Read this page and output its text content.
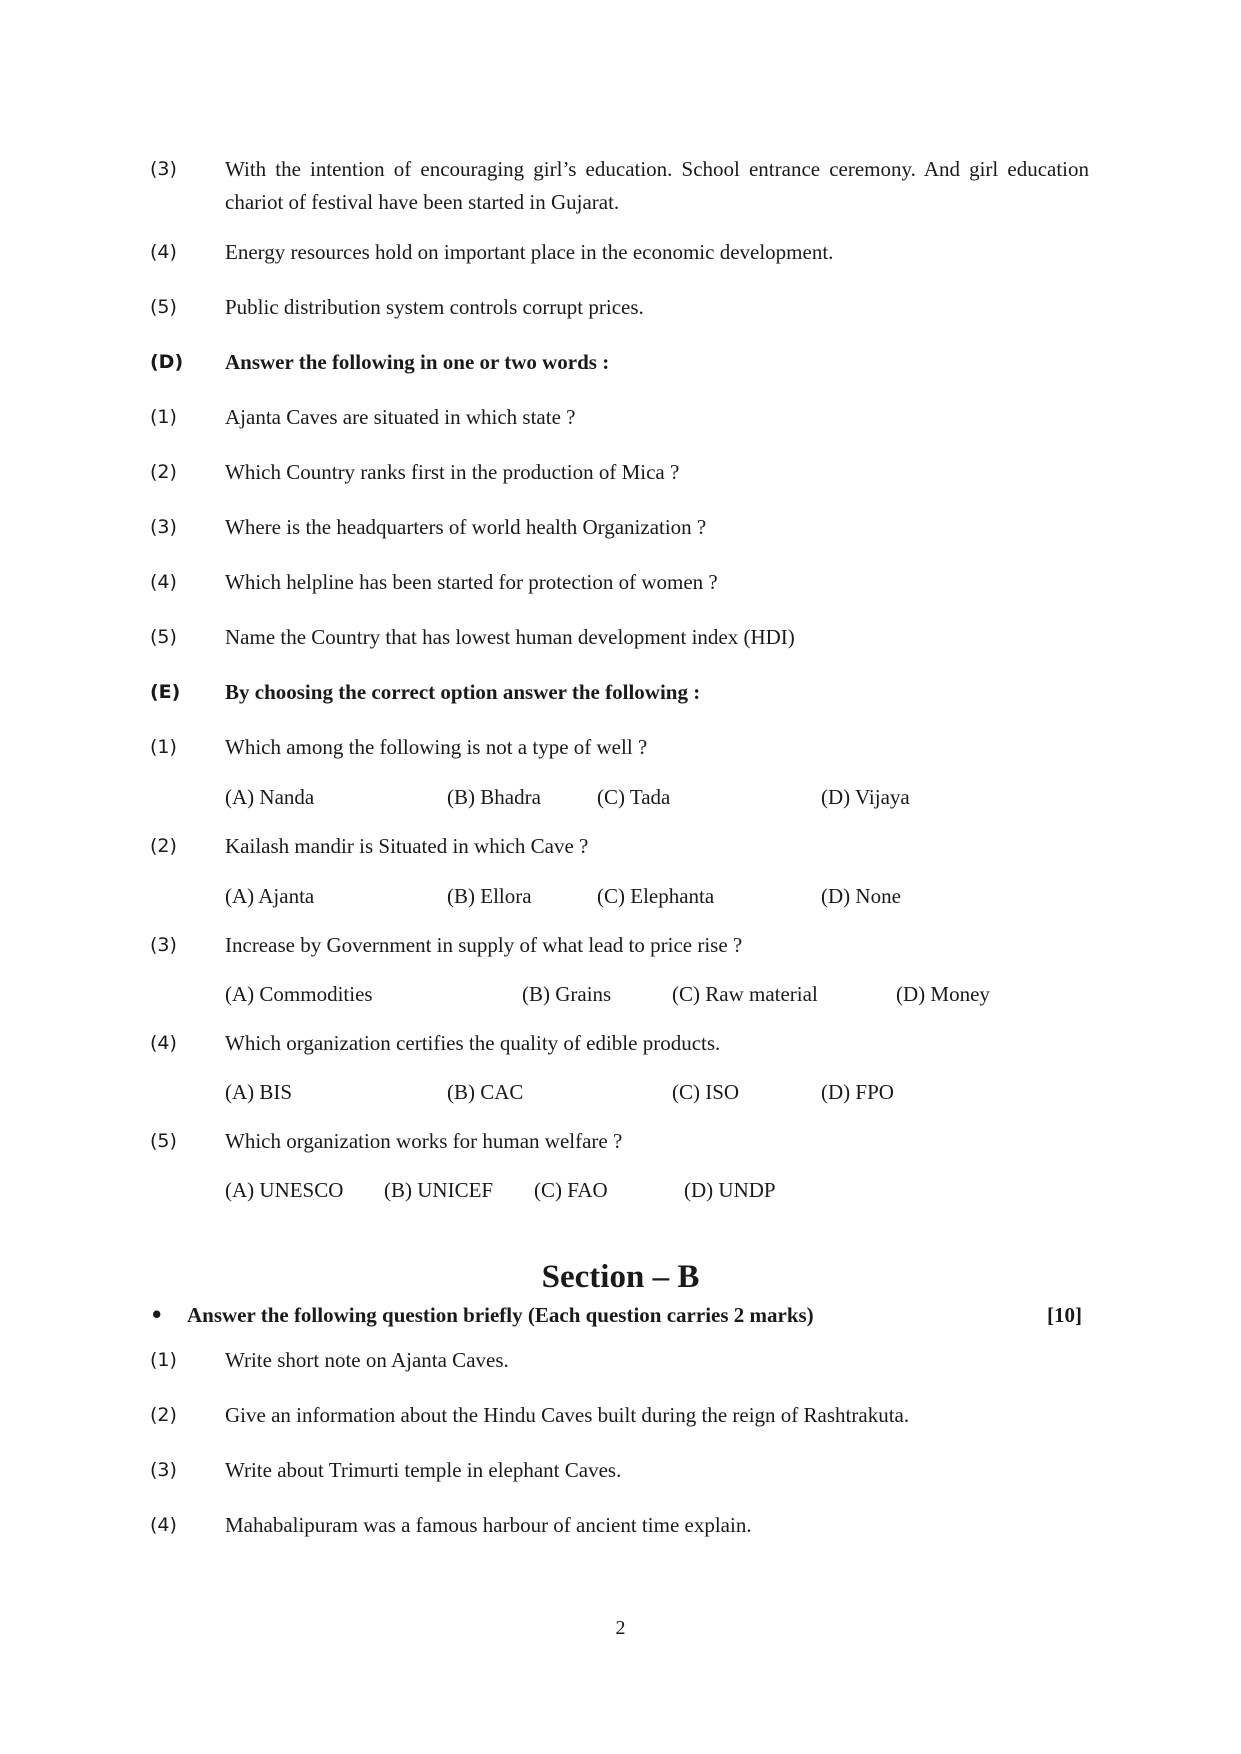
(3) With the intention of encouraging girl’s education. School entrance ceremony. And girl education chariot of festival have been started in Gujarat.
(4) Energy resources hold on important place in the economic development.
(5) Public distribution system controls corrupt prices.
(D) Answer the following in one or two words :
(1) Ajanta Caves are situated in which state ?
(2) Which Country ranks first in the production of Mica ?
(3) Where is the headquarters of world health Organization ?
(4) Which helpline has been started for protection of women ?
(5) Name the Country that has lowest human development index (HDI)
(E) By choosing the correct option answer the following :
(1) Which among the following is not a type of well ?
(A) Nanda	(B) Bhadra	(C) Tada	(D) Vijaya
(2) Kailash mandir is Situated in which Cave ?
(A) Ajanta	(B) Ellora	(C) Elephanta	(D) None
(3) Increase by Government in supply of what lead to price rise ?
(A) Commodities	(B) Grains	(C) Raw material	(D) Money
(4) Which organization certifies the quality of edible products.
(A) BIS	(B) CAC	(C) ISO	(D) FPO
(5) Which organization works for human welfare ?
(A) UNESCO (B) UNICEF (C) FAO	(D) UNDP
Section – B
• Answer the following question briefly (Each question carries 2 marks)	[10]
(1) Write short note on Ajanta Caves.
(2) Give an information about the Hindu Caves built during the reign of Rashtrakuta.
(3) Write about Trimurti temple in elephant Caves.
(4) Mahabalipuram was a famous harbour of ancient time explain.
2
